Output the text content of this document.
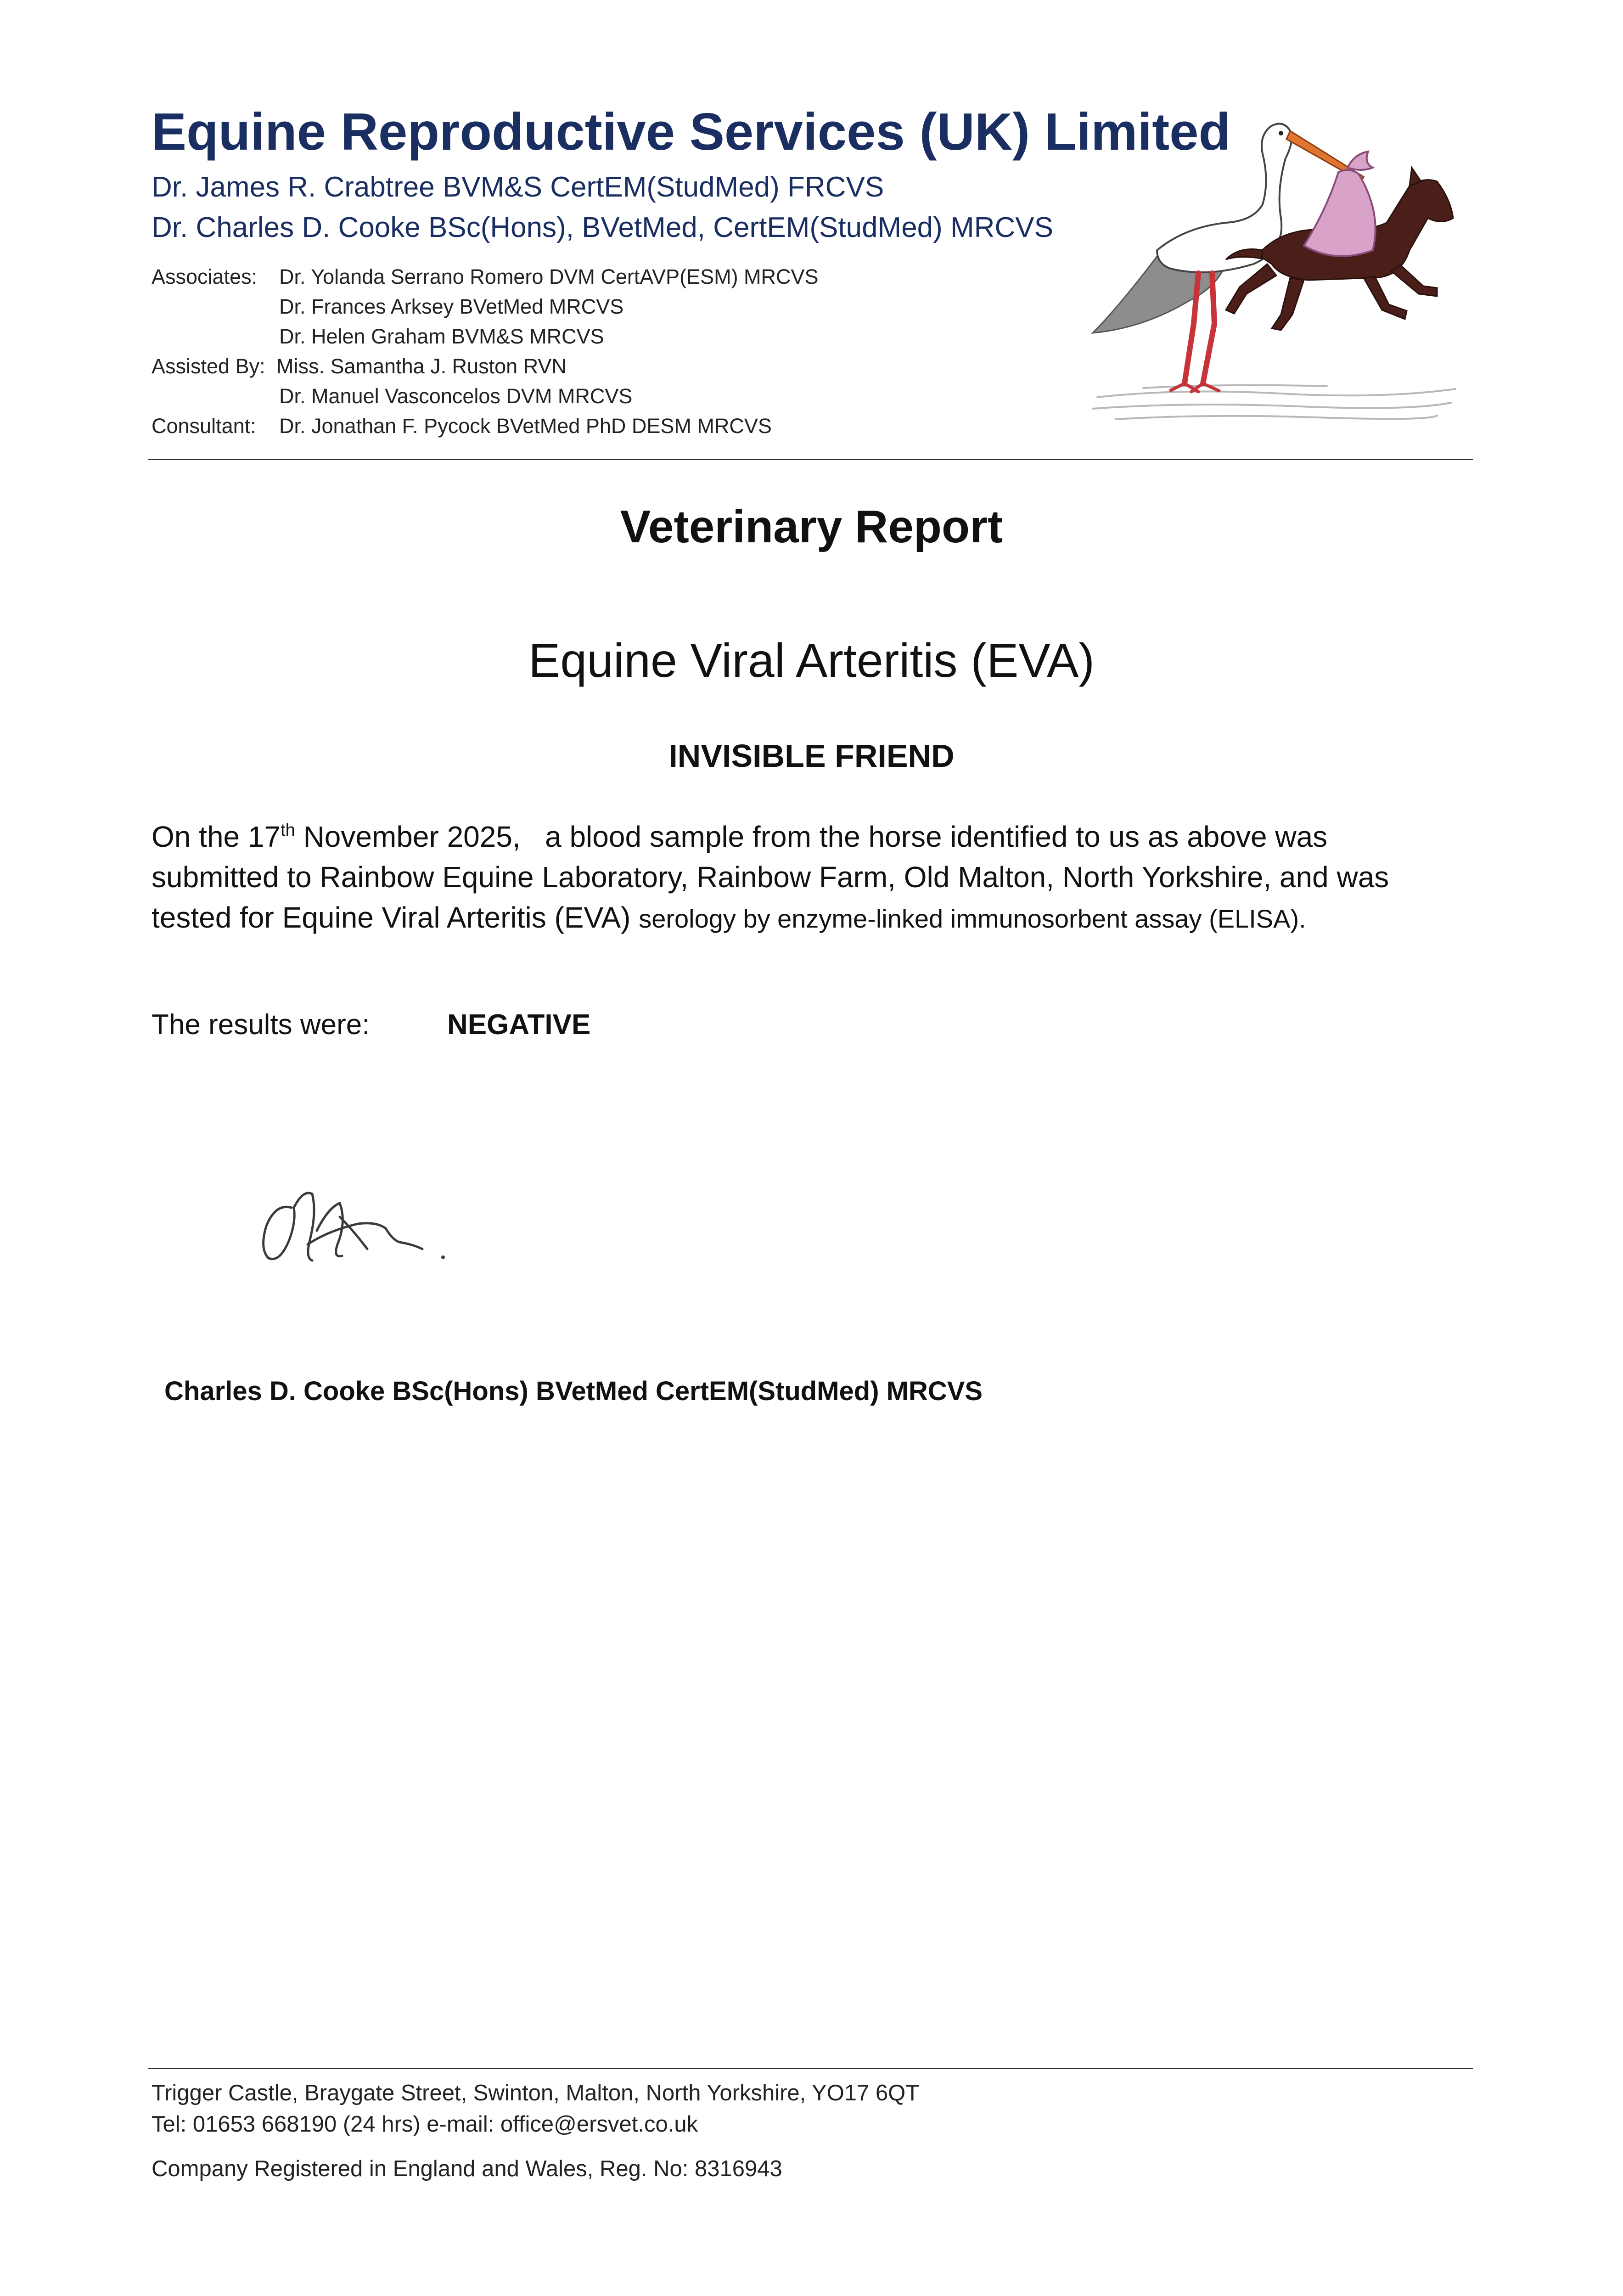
Equine Reproductive Services (UK) Limited
Dr. James R. Crabtree BVM&S CertEM(StudMed) FRCVS
Dr. Charles D. Cooke BSc(Hons), BVetMed, CertEM(StudMed) MRCVS
Associates: Dr. Yolanda Serrano Romero DVM CertAVP(ESM) MRCVS
Dr. Frances Arksey BVetMed MRCVS
Dr. Helen Graham BVM&S MRCVS
Assisted By: Miss. Samantha J. Ruston RVN
Dr. Manuel Vasconcelos DVM MRCVS
Consultant: Dr. Jonathan F. Pycock BVetMed PhD DESM MRCVS
Veterinary Report
Equine Viral Arteritis (EVA)
INVISIBLE FRIEND

On the 17th November 2025,   a blood sample from the horse identified to us as above was

submitted to Rainbow Equine Laboratory, Rainbow Farm, Old Malton, North Yorkshire, and was

tested for Equine Viral Arteritis (EVA) serology by enzyme-linked immunosorbent assay (ELISA).

The results were:	NEGATIVE
Charles D. Cooke BSc(Hons) BVetMed CertEM(StudMed) MRCVS
Trigger Castle, Braygate Street, Swinton, Malton, North Yorkshire, YO17 6QT
Tel: 01653 668190 (24 hrs) e-mail: office@ersvet.co.uk
Company Registered in England and Wales, Reg. No: 8316943
